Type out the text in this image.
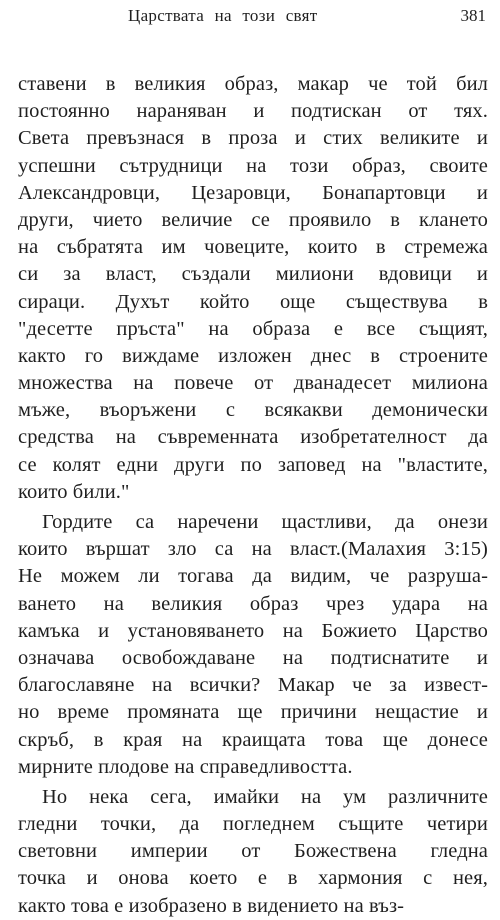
Царствата на този свят	381
ставени в великия образ, макар че той бил
постоянно нараняван и подтискан от тях.
Света превъзнася в проза и стих великите и
успешни сътрудници на този образ, своите
Александровци, Цезаровци, Бонапартовци и
други, чието величие се проявило в клането
на събратята им човеците, които в стремежа
си за власт, създали милиони вдовици и
сираци. Духът който още съществува в
"десетте пръста" на образа е все същият,
както го виждаме изложен днес в строените
множества на повече от дванадесет милиона
мъже, въоръжени с всякакви демонически
средства на съвременната изобретателност да
се колят едни други по заповед на "властите,
които били."
Гордите са наречени щастливи, да онези
които вършат зло са на власт.(Малахия 3:15)
Не можем ли тогава да видим, че разруша-
ването на великия образ чрез удара на
камъка и установяването на Божието Царство
означава освобождаване на подтиснатите и
благославяне на всички? Макар че за извест-
но време промяната ще причини нещастие и
скръб, в края на краищата това ще донесе
мирните плодове на справедливостта.
Но нека сега, имайки на ум различните
гледни точки, да погледнем същите четири
световни империи от Божествена гледна
точка и онова което е в хармония с нея,
както това е изобразено в видението на въз-
